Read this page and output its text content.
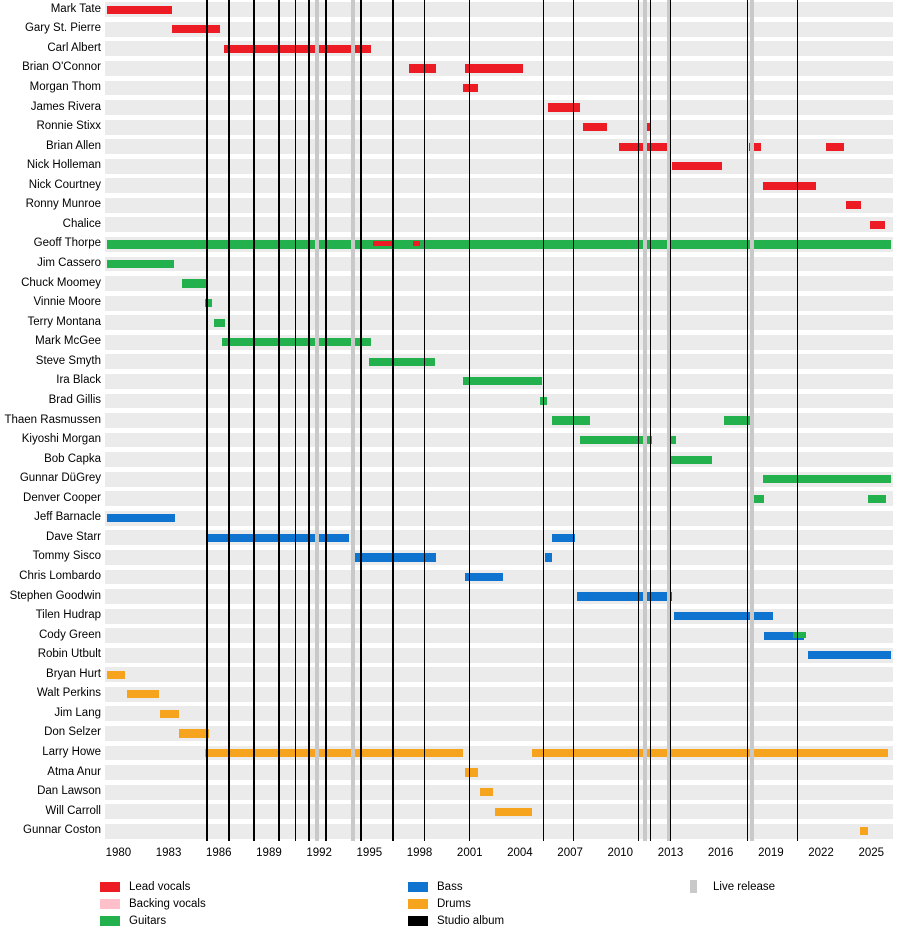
Mark Tate
Gary St. Pierre
Carl Albert
Brian O'Connor
Morgan Thom
James Rivera
Ronnie Stixx
Brian Allen
Nick Holleman
Nick Courtney
Ronny Munroe
Chalice
Geoff Thorpe
Jim Cassero
Chuck Moomey
Vinnie Moore
Terry Montana
Mark McGee
Steve Smyth
Ira Black
Brad Gillis
Thaen Rasmussen
Kiyoshi Morgan
Bob Capka
Gunnar DüGrey
Denver Cooper
Jeff Barnacle
Dave Starr
Tommy Sisco
Chris Lombardo
Stephen Goodwin
Tilen Hudrap
Cody Green
Robin Utbult
Bryan Hurt
Walt Perkins
Jim Lang
Don Selzer
Larry Howe
Atma Anur
Dan Lawson
Will Carroll
Gunnar Coston
1980 1983 1986 1989 1992 1995 1998 2001 2004 2007 2010 2013 2016 2019 2022 2025
Lead vocals
Backing vocals
Guitars
Bass
Drums
Studio album
Live release
